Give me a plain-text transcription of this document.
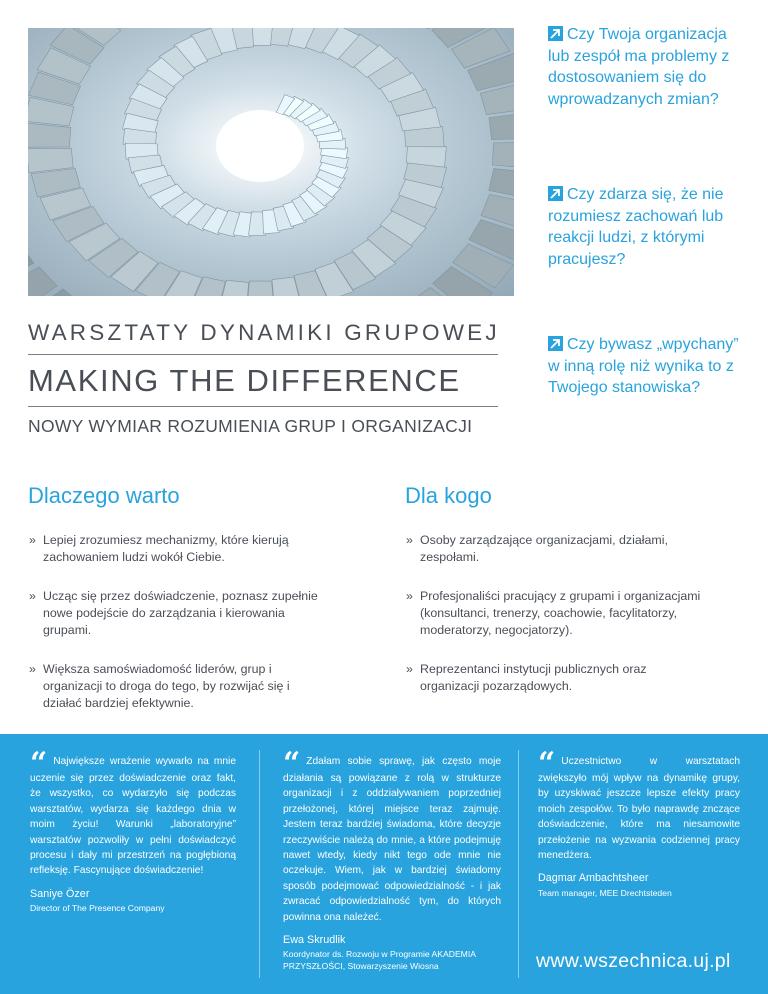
Czy Twoja organizacja lub zespół ma problemy z dostosowaniem się do wprowadzanych zmian?
Czy zdarza się, że nie rozumiesz zachowań lub reakcji ludzi, z którymi pracujesz?
Czy bywasz „wpychany” w inną rolę niż wynika to z Twojego stanowiska?
WARSZTATY DYNAMIKI GRUPOWEJ
MAKING THE DIFFERENCE
NOWY WYMIAR ROZUMIENIA GRUP I ORGANIZACJI
Dlaczego warto
» Lepiej zrozumiesz mechanizmy, które kierują zachowaniem ludzi wokół Ciebie.
» Ucząc się przez doświadczenie, poznasz zupełnie nowe podejście do zarządzania i kierowania grupami.
» Większa samoświadomość liderów, grup i organizacji to droga do tego, by rozwijać się i działać bardziej efektywnie.
Dla kogo
» Osoby zarządzające organizacjami, działami, zespołami.
» Profesjonaliści pracujący z grupami i organizacjami (konsultanci, trenerzy, coachowie, facylitatorzy, moderatorzy, negocjatorzy).
» Reprezentanci instytucji publicznych oraz organizacji pozarządowych.
“ Największe wrażenie wywarło na mnie uczenie się przez doświadczenie oraz fakt, że wszystko, co wydarzyło się podczas warsztatów, wydarza się każdego dnia w moim życiu! Warunki „laboratoryjne” warsztatów pozwoliły w pełni doświadczyć procesu i dały mi przestrzeń na pogłębioną refleksję. Fascynujące doświadczenie!
Saniye Özer
Director of The Presence Company
“ Zdałam sobie sprawę, jak często moje działania są powiązane z rolą w strukturze organizacji i z oddziaływaniem poprzedniej przełożonej, której miejsce teraz zajmuję. Jestem teraz bardziej świadoma, które decyzje rzeczywiście należą do mnie, a które podejmuję nawet wtedy, kiedy nikt tego ode mnie nie oczekuje. Wiem, jak w bardziej świadomy sposób podejmować odpowiedzialność - i jak zwracać odpowiedzialność tym, do których powinna ona należeć.
Ewa Skrudlik
Koordynator ds. Rozwoju w Programie AKADEMIA PRZYSZŁOŚCI, Stowarzyszenie Wiosna
“ Uczestnictwo w warsztatach zwiększyło mój wpływ na dynamikę grupy, by uzyskiwać jeszcze lepsze efekty pracy moich zespołów. To było naprawdę znczące doświadczenie, które ma niesamowite przełożenie na wyzwania codziennej pracy menedżera.
Dagmar Ambachtsheer
Team manager, MEE Drechtsteden
www.wszechnica.uj.pl
